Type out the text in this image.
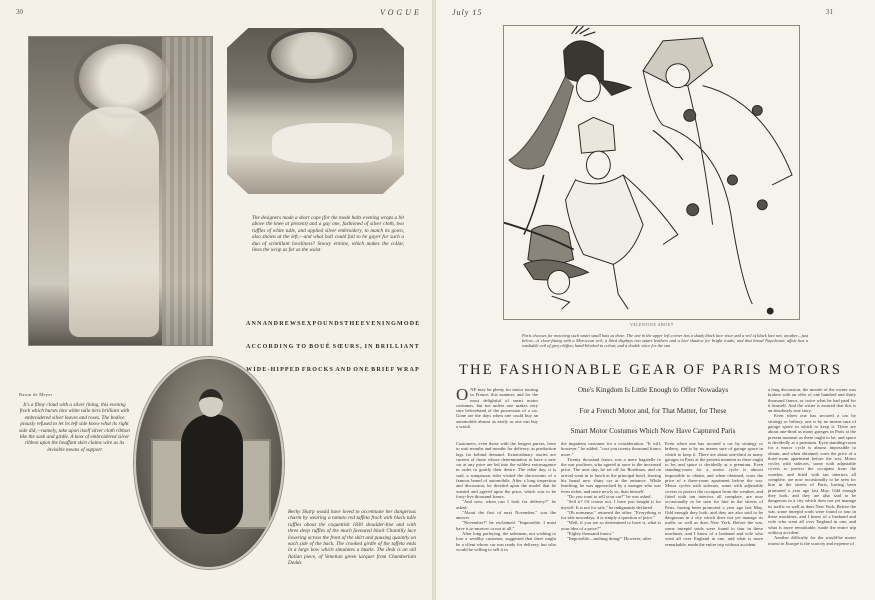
30	VOGUE
The designers made a short cape (for the mode halts evening wraps a bit above the knee at present) and a gay one, fashioned of silver cloth, two ruffles of white tulle, and applied silver embroidery, to match its gown, also shown at the left,—and what ball could fail to be gayer for such a duo of scintillant loveliness? Snowy ermine, which makes the collar, lines the wrap as far as the waist
ANN ANDREWS EXPOUNDS THE EVENING MODE
ACCORDING TO BOUÉ SŒURS, IN BRILLIANT
WIDE-HIPPED FROCKS AND ONE BRIEF WRAP
Baron de Meyer
It's a filmy cloud with a silver lining, this evening frock which bursts into white tulle tiers brilliant with embroidered silver leaves and roses. The bodice piously refused to let its left side know what its right side did,—namely, take upon itself silver cloth ribbon like the sash and girdle. A knot of embroidered silver ribbon upon the bouffant skirt claims wire as its invisible means of support
Becky Sharp would have loved to accentuate her dangerous charm by wearing a tomato red taffeta frock with black tulle ruffles about the coquettish 1830 shoulder-line and with three deep ruffles of the much favoured black Chantilly lace lowering across the front of the skirt and pausing quaintly on each side of the back. The crooked girdle of the taffeta ends in a large bow which simulates a bustle. The desk is an old Italian piece, of Venetian green lacquer from Chamberlain Dodds
July 15	31
VALENTINE ABOUT
Paris chooses for motoring such smart small hats as these. The one in the upper left corner has a shady black lace visor and a veil of black lace net; another—just below—is close-fitting with a Moroccan veil; a third displays two smart leathers and a lace shadow for bright roads; and that broad Napoleonic affair has a washable veil of grey chiffon, hand-blocked in colour, and a double visor for the sun
THE FASHIONABLE GEAR OF PARIS MOTORS
O NE may be plenty for motor touring in France, this summer, and for the most delightful of smart motor costumes, but not unless one makes very sure beforehand of the possession of a car. Gone are the days when one could buy an automobile almost as easily as one can buy a watch.
One's Kingdom Is Little Enough to Offer Nowadays
For a French Motor and, for That Matter, for These
Smart Motor Costumes Which Now Have Captured Paris

Customers, even those with the longest purses, have to wait months and months for delivery, as production lags far behind demand. Extraordinary stories are current of those whose determination to have a new car at any price are led into the wildest extravagance in order to gratify their desire. The other day, it is said, a sumptuous rider visited the showrooms of a famous brand of automobile. After a long inspection and discussion, he decided upon the model that he wanted and agreed upon the price, which was to be forty-five thousand francs.

"And now, when can I look for delivery?" he asked.

"About the first of next November," was the answer.

"November?" he exclaimed. "Impossible. I must have it to-morrow or not at all."

After long parleying, the salesman, not wishing to lose a wealthy customer, suggested that there might be a client whose car was ready for delivery, but who would be willing to sell it to

the impatient customer for a consideration. "It will, however," he added, "cost you twenty thousand francs more."

Twenty thousand francs was a mere bagatelle to the war profiteer, who agreed at once to the increased price. The next day, he set off for Bordeaux, and on arrival went in to lunch at the principal hotel, leaving his brand new shiny car at the entrance. While lunching, he was approached by a stranger who was even richer, and more newly so, than himself.

"Do you want to sell your car?" he was asked.

"Sell it? Of course not. I have just bought it for myself. It is not for sale," he indignantly declared.

"Oh nonsense," returned the other. "Everything is for sale nowadays; it is simply a question of price."

"Well, if you are so determined to have it, what is your idea of a price?"

"Eighty thousand francs."

"Impossible—nothing doing!" However, after

Even when one has secured a car by strategy or bribery, one is by no means sure of garage space in which to keep it. There are about one-third as many garages in Paris at the present moment as there ought to be, and space is decidedly at a premium. Even standing-room for a motor cycle is almost impossible to obtain, and when obtained, costs the price of a three-room apartment before the war. Motor cycles with sidecars, some with adjustable covers to protect the occupant from the weather, and fitted with tan interiors all complete, are now occasionally to be seen for hire in the streets of Paris, having been promoted a year ago last May. Odd enough they look, and they are also said to be dangerous in a city which does not yet manage its traffic so well as does New York. Before the war, some intrepid souls were found to tour in these machines, and I know of a husband and wife who went all over England in one, and what is more remarkable, made the entire trip without accident.

a long discussion, the morale of the owner was broken with an offer of one hundred and thirty thousand francs, or twice what he had paid for it himself. And the writer is assured that this is an absolutely true story.

Even when one has secured a car by strategy or bribery, one is by no means sure of garage space in which to keep it. There are about one-third as many garages in Paris at the present moment as there ought to be, and space is decidedly at a premium. Even standing-room for a motor cycle is almost impossible to obtain, and when obtained, costs the price of a three-room apartment before the war. Motor cycles with sidecars, some with adjustable covers to protect the occupant from the weather, and fitted with tan interiors all complete, are now occasionally to be seen for hire in the streets of Paris, having been promoted a year ago last May. Odd enough they look, and they are also said to be dangerous in a city which does not yet manage its traffic so well as does New York. Before the war, some intrepid souls were found to tour in these machines, and I know of a husband and wife who went all over England in one, and what is more remarkable, made the entire trip without accident.

Another difficulty for the would-be motor tourist in Europe is the scarcity and expense of
